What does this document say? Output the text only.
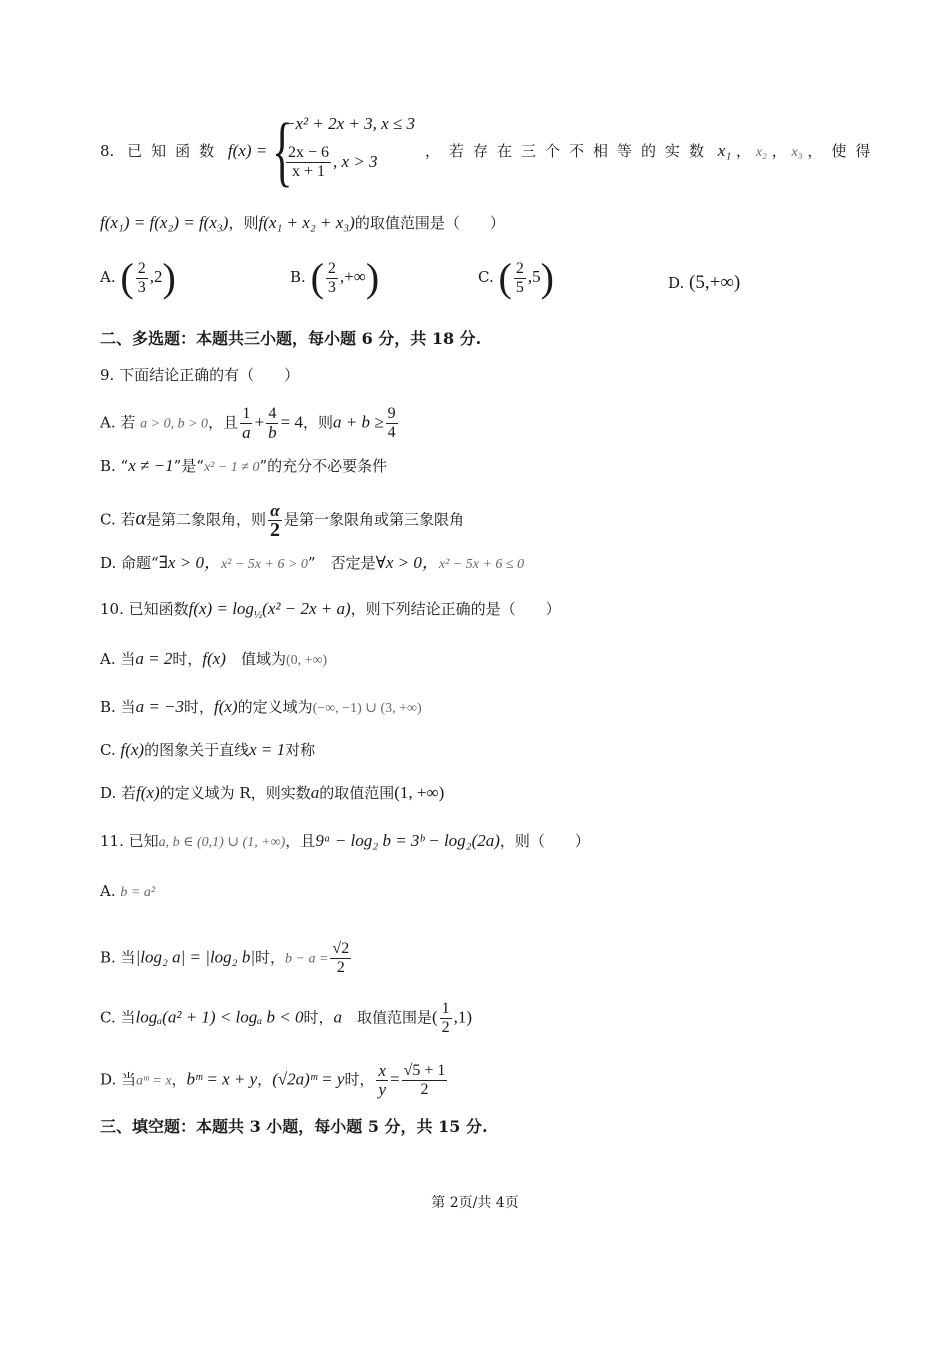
8. 已知函数 f(x) = {
−x² + 2x + 3, x ≤ 3
$\frac{2x - 6}{x + 1}$ , x > 3
，若存在三个不相等的实数 x₁ ， x₂ ， x₃ ，使得
f(x₁) = f(x₂) = f(x₃)，则f(x₁ + x₂ + x₃)的取值范围是（　　）
A. ( $\frac{2}{3} ,2$)	B. ( $\frac{2}{3}$ ,+∞)	C. ( $\frac{2}{5} ,5$)	D. (5,+∞)
二、多选题：本题共三小题，每小题 6 分，共 18 分.
9. 下面结论正确的有（　　）
A. 若 a > 0, b > 0，且 $\frac{1}{a} + \frac{4}{b} = 4$，则$a + b \ge \frac{9}{4}$
B. “x ≠ −1”是“x² − 1 ≠ 0”的充分不必要条件
C. 若α是第二象限角，则 $\frac{\alpha}{2}$ 是第一象限角或第三象限角
D. 命题“∃x > 0，x² − 5x + 6 > 0”　否定是∀x > 0，x² − 5x + 6 ≤ 0
10. 已知函数$f(x) = \log_{\frac{1}{2}}(x^2 - 2x + a)$，则下列结论正确的是（　　）
A. 当a = 2时，f(x)　值域为(0, +∞)
B. 当a = −3时，f(x)的定义域为(−∞, −1) ∪ (3, +∞)
C. f(x)的图象关于直线x = 1对称
D. 若f(x)的定义域为 R，则实数a的取值范围(1, +∞)
11. 已知a, b ∈ (0,1) ∪ (1, +∞)，且9ᵃ − log₂ b = 3ᵇ − log₂(2a)，则（　　）
A. b = a²
B. 当|log₂ a| = |log₂ b|时，$b - a = \frac{√2}{2}$
C. 当logₐ(a² + 1) < logₐ b < 0时，a　取值范围是( $\frac{1}{2} ,1$)
D. 当aᵐ = x，bᵐ = x + y，(√2a)ᵐ = y时， $\frac{x}{y} = \frac{√5 + 1}{2}$
三、填空题：本题共 3 小题，每小题 5 分，共 15 分.
第 2页/共 4页
